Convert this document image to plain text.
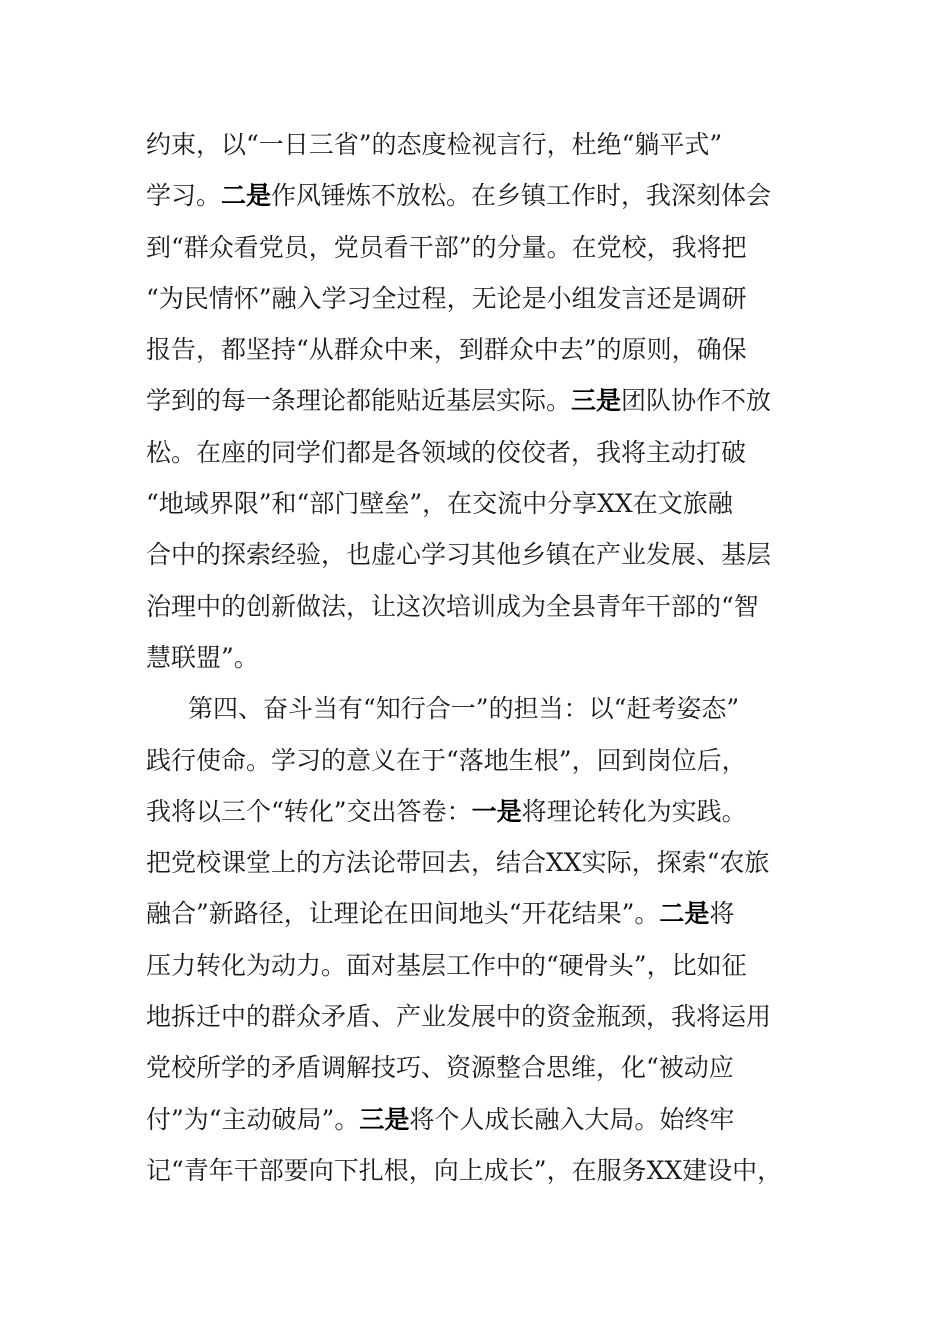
约束，以“一日三省”的态度检视言行，杜绝“躺平式”
学习。二是作风锤炼不放松。在乡镇工作时，我深刻体会
到“群众看党员，党员看干部”的分量。在党校，我将把
“为民情怀”融入学习全过程，无论是小组发言还是调研
报告，都坚持“从群众中来，到群众中去”的原则，确保
学到的每一条理论都能贴近基层实际。三是团队协作不放
松。在座的同学们都是各领域的佼佼者，我将主动打破
“地域界限”和“部门壁垒”，在交流中分享XX在文旅融
合中的探索经验，也虚心学习其他乡镇在产业发展、基层
治理中的创新做法，让这次培训成为全县青年干部的“智
慧联盟”。
第四、奋斗当有“知行合一”的担当：以“赶考姿态”
践行使命。学习的意义在于“落地生根”，回到岗位后，
我将以三个“转化”交出答卷：一是将理论转化为实践。
把党校课堂上的方法论带回去，结合XX实际，探索“农旅
融合”新路径，让理论在田间地头“开花结果”。二是将
压力转化为动力。面对基层工作中的“硬骨头”，比如征
地拆迁中的群众矛盾、产业发展中的资金瓶颈，我将运用
党校所学的矛盾调解技巧、资源整合思维，化“被动应
付”为“主动破局”。三是将个人成长融入大局。始终牢
记“青年干部要向下扎根，向上成长”，在服务XX建设中，
